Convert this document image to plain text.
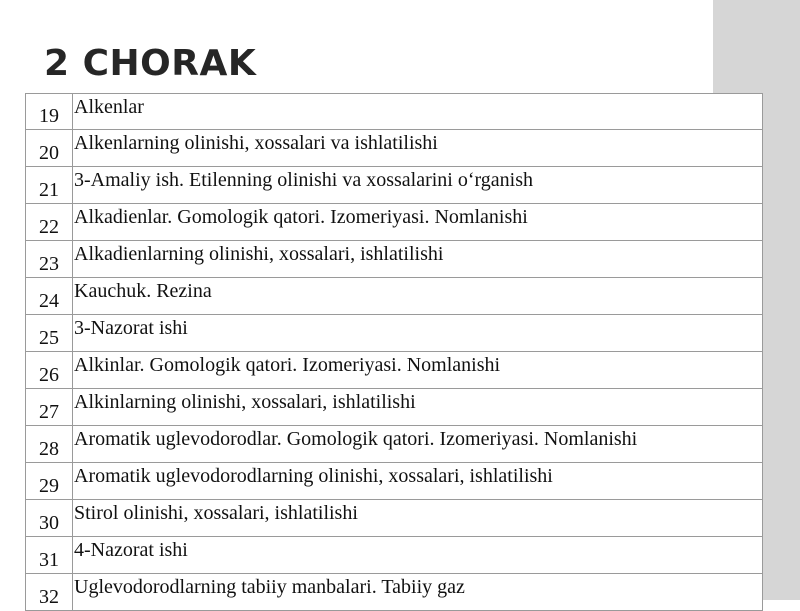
2 CHORAK
19	Alkenlar
20	Alkenlarning olinishi, xossalari va ishlatilishi
21	3-Amaliy ish. Etilenning olinishi va xossalarini o‘rganish
22	Alkadienlar. Gomologik qatori. Izomeriyasi. Nomlanishi
23	Alkadienlarning olinishi, xossalari, ishlatilishi
24	Kauchuk. Rezina
25	3-Nazorat ishi
26	Alkinlar. Gomologik qatori. Izomeriyasi. Nomlanishi
27	Alkinlarning olinishi, xossalari, ishlatilishi
28	Aromatik uglevodorodlar. Gomologik qatori. Izomeriyasi. Nomlanishi
29	Aromatik uglevodorodlarning olinishi, xossalari, ishlatilishi
30	Stirol olinishi, xossalari, ishlatilishi
31	4-Nazorat ishi
32	Uglevodorodlarning tabiiy manbalari. Tabiiy gaz
